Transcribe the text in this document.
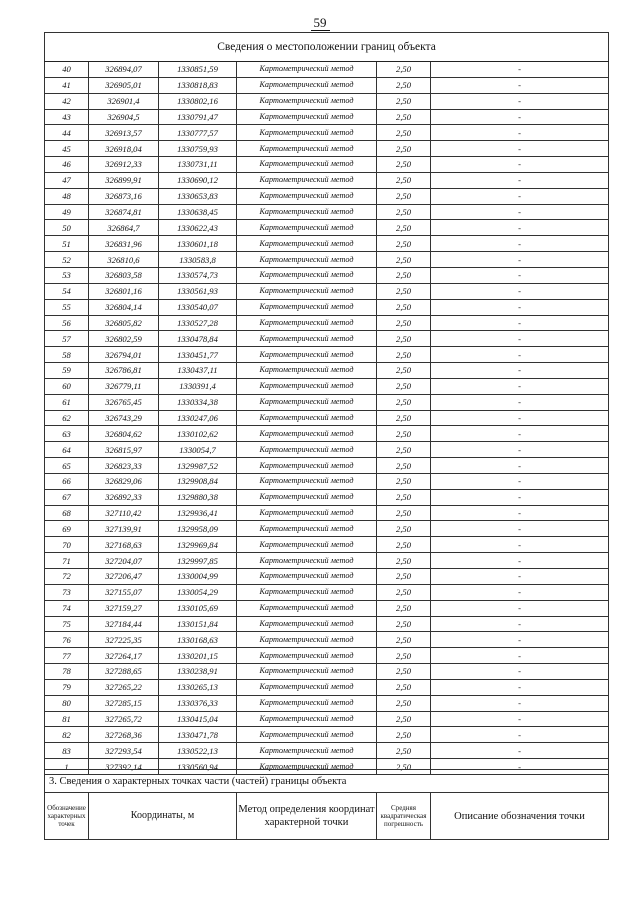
59
Сведения о местоположении границ объекта					
40	326894,07	1330851,59	Картометрический метод	2,50	-
41	326905,01	1330818,83	Картометрический метод	2,50	-
42	326901,4	1330802,16	Картометрический метод	2,50	-
43	326904,5	1330791,47	Картометрический метод	2,50	-
44	326913,57	1330777,57	Картометрический метод	2,50	-
45	326918,04	1330759,93	Картометрический метод	2,50	-
46	326912,33	1330731,11	Картометрический метод	2,50	-
47	326899,91	1330690,12	Картометрический метод	2,50	-
48	326873,16	1330653,83	Картометрический метод	2,50	-
49	326874,81	1330638,45	Картометрический метод	2,50	-
50	326864,7	1330622,43	Картометрический метод	2,50	-
51	326831,96	1330601,18	Картометрический метод	2,50	-
52	326810,6	1330583,8	Картометрический метод	2,50	-
53	326803,58	1330574,73	Картометрический метод	2,50	-
54	326801,16	1330561,93	Картометрический метод	2,50	-
55	326804,14	1330540,07	Картометрический метод	2,50	-
56	326805,82	1330527,28	Картометрический метод	2,50	-
57	326802,59	1330478,84	Картометрический метод	2,50	-
58	326794,01	1330451,77	Картометрический метод	2,50	-
59	326786,81	1330437,11	Картометрический метод	2,50	-
60	326779,11	1330391,4	Картометрический метод	2,50	-
61	326765,45	1330334,38	Картометрический метод	2,50	-
62	326743,29	1330247,06	Картометрический метод	2,50	-
63	326804,62	1330102,62	Картометрический метод	2,50	-
64	326815,97	1330054,7	Картометрический метод	2,50	-
65	326823,33	1329987,52	Картометрический метод	2,50	-
66	326829,06	1329908,84	Картометрический метод	2,50	-
67	326892,33	1329880,38	Картометрический метод	2,50	-
68	327110,42	1329936,41	Картометрический метод	2,50	-
69	327139,91	1329958,09	Картометрический метод	2,50	-
70	327168,63	1329969,84	Картометрический метод	2,50	-
71	327204,07	1329997,85	Картометрический метод	2,50	-
72	327206,47	1330004,99	Картометрический метод	2,50	-
73	327155,07	1330054,29	Картометрический метод	2,50	-
74	327159,27	1330105,69	Картометрический метод	2,50	-
75	327184,44	1330151,84	Картометрический метод	2,50	-
76	327225,35	1330168,63	Картометрический метод	2,50	-
77	327264,17	1330201,15	Картометрический метод	2,50	-
78	327288,65	1330238,91	Картометрический метод	2,50	-
79	327265,22	1330265,13	Картометрический метод	2,50	-
80	327285,15	1330376,33	Картометрический метод	2,50	-
81	327265,72	1330415,04	Картометрический метод	2,50	-
82	327268,36	1330471,78	Картометрический метод	2,50	-
83	327293,54	1330522,13	Картометрический метод	2,50	-
1	327392,14	1330560,94	Картометрический метод	2,50	-
3. Сведения о характерных точках части (частей) границы объекта
Обозначение характерных точек	Координаты, м	Метод определения координат характерной точки	Средняя квадратическая погрешность	Описание обозначения точки
